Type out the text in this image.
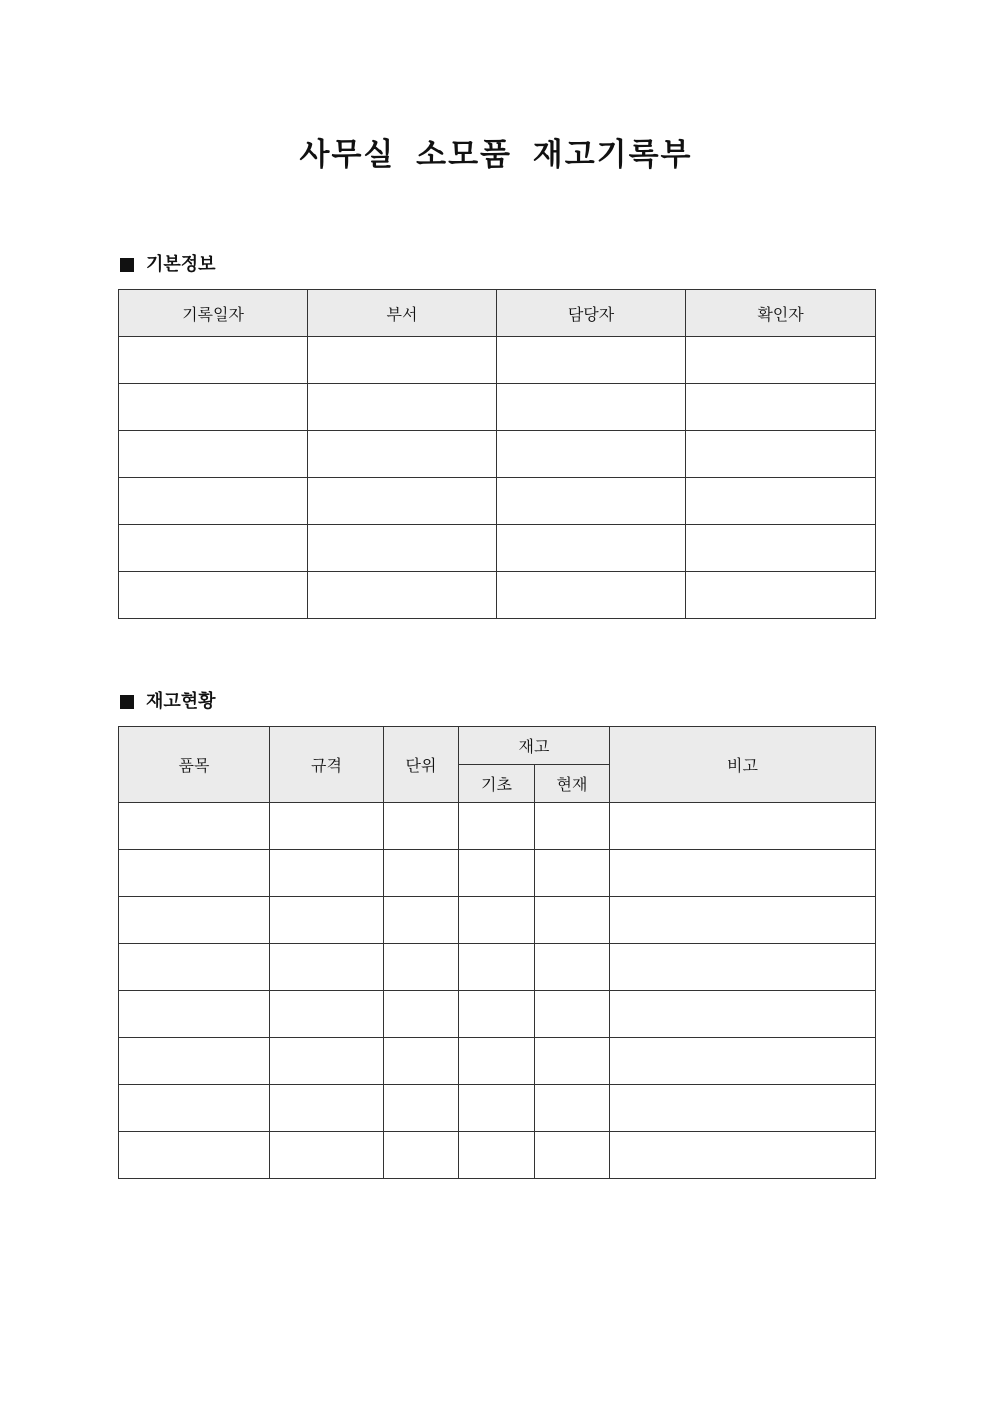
사무실 소모품 재고기록부
기본정보
기록일자	부서	담당자	확인자

재고현황
품목	규격	단위	재고		비고
			기초	현재	
